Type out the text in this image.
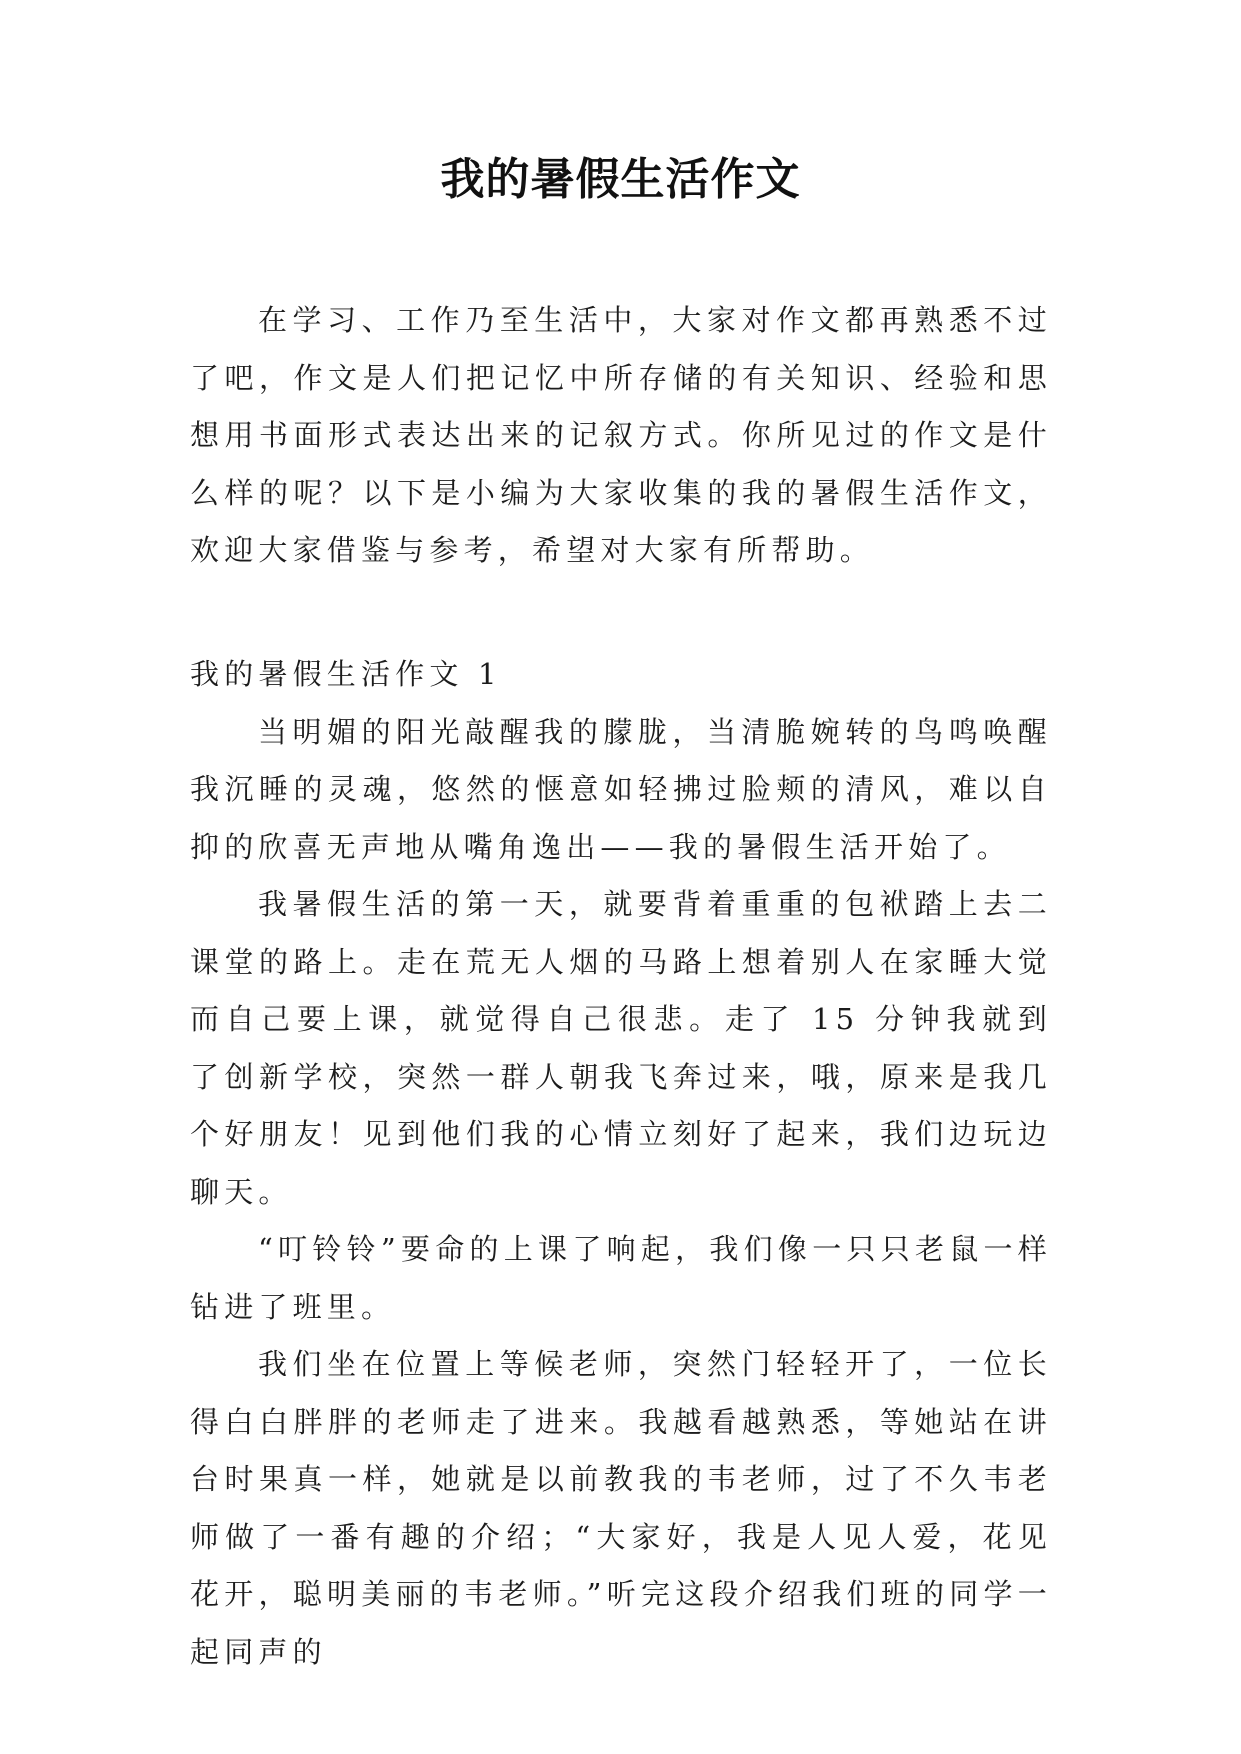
我的暑假生活作文

在学习、工作乃至生活中，大家对作文都再熟悉不过了吧，作文是人们把记忆中所存储的有关知识、经验和思想用书面形式表达出来的记叙方式。你所见过的作文是什么样的呢？以下是小编为大家收集的我的暑假生活作文，欢迎大家借鉴与参考，希望对大家有所帮助。

我的暑假生活作文 1

当明媚的阳光敲醒我的朦胧，当清脆婉转的鸟鸣唤醒我沉睡的灵魂，悠然的惬意如轻拂过脸颊的清风，难以自抑的欣喜无声地从嘴角逸出——我的暑假生活开始了。

我暑假生活的第一天，就要背着重重的包袱踏上去二课堂的路上。走在荒无人烟的马路上想着别人在家睡大觉而自己要上课，就觉得自己很悲。走了 15 分钟我就到了创新学校，突然一群人朝我飞奔过来，哦，原来是我几个好朋友！见到他们我的心情立刻好了起来，我们边玩边聊天。

“叮铃铃”要命的上课了响起，我们像一只只老鼠一样钻进了班里。

我们坐在位置上等候老师，突然门轻轻开了，一位长得白白胖胖的老师走了进来。我越看越熟悉，等她站在讲台时果真一样，她就是以前教我的韦老师，过了不久韦老师做了一番有趣的介绍；“大家好，我是人见人爱，花见花开，聪明美丽的韦老师。”听完这段介绍我们班的同学一起同声的
